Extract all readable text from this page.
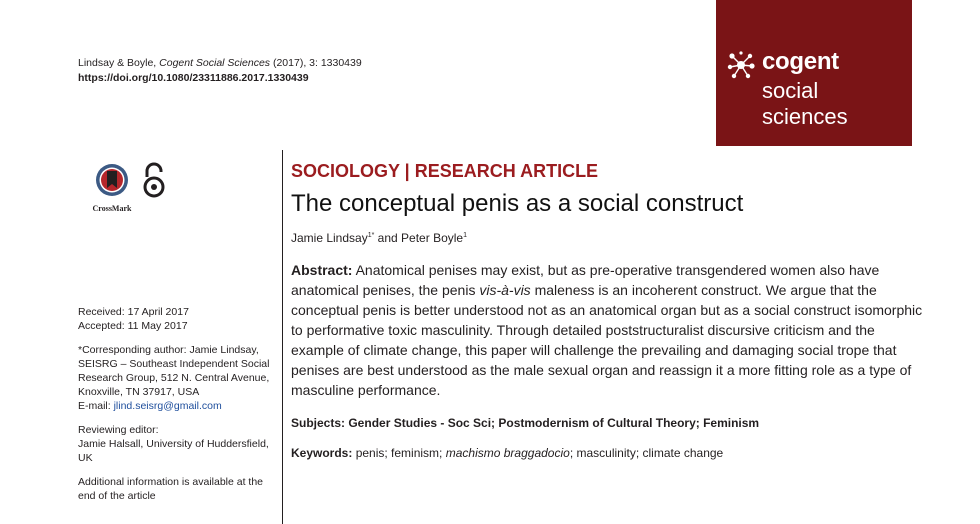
Lindsay & Boyle, Cogent Social Sciences (2017), 3: 1330439
https://doi.org/10.1080/23311886.2017.1330439
cogent
social
sciences
CrossMark
Received: 17 April 2017
Accepted: 11 May 2017
*Corresponding author: Jamie Lindsay, SEISRG – Southeast Independent Social Research Group, 512 N. Central Avenue, Knoxville, TN 37917, USA
E-mail: jlind.seisrg@gmail.com
Reviewing editor:
Jamie Halsall, University of Huddersfield, UK
Additional information is available at the end of the article
SOCIOLOGY | RESEARCH ARTICLE
The conceptual penis as a social construct
Jamie Lindsay$^{1*}$ and Peter Boyle$^1$
Abstract: Anatomical penises may exist, but as pre-operative transgendered women also have anatomical penises, the penis vis-à-vis maleness is an incoherent construct. We argue that the conceptual penis is better understood not as an anatomical organ but as a social construct isomorphic to performative toxic masculinity. Through detailed poststructuralist discursive criticism and the example of climate change, this paper will challenge the prevailing and damaging social trope that penises are best understood as the male sexual organ and reassign it a more fitting role as a type of masculine performance.
Subjects: Gender Studies - Soc Sci; Postmodernism of Cultural Theory; Feminism
Keywords: penis; feminism; machismo braggadocio; masculinity; climate change
